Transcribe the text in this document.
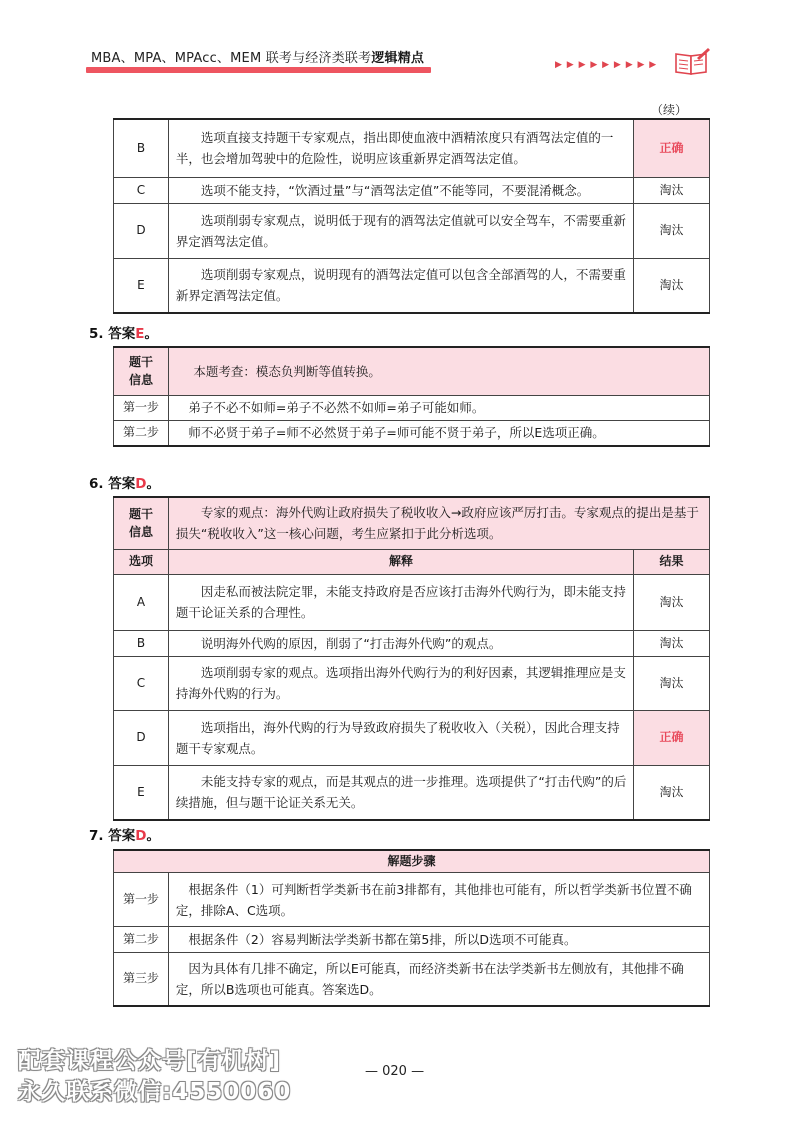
MBA、MPA、MPAcc、MEM 联考与经济类联考逻辑精点	▶ ▶ ▶ ▶ ▶ ▶ ▶ ▶ ▶
（续）
B	选项直接支持题干专家观点，指出即使血液中酒精浓度只有酒驾法定值的一半，也会增加驾驶中的危险性，说明应该重新界定酒驾法定值。	正确
C	选项不能支持，“饮酒过量”与“酒驾法定值”不能等同，不要混淆概念。	淘汰
D	选项削弱专家观点，说明低于现有的酒驾法定值就可以安全驾车，不需要重新界定酒驾法定值。	淘汰
E	选项削弱专家观点，说明现有的酒驾法定值可以包含全部酒驾的人，不需要重新界定酒驾法定值。	淘汰
5. 答案E。
题干
信息	本题考查：模态负判断等值转换。
第一步	弟子不必不如师=弟子不必然不如师=弟子可能如师。
第二步	师不必贤于弟子=师不必然贤于弟子=师可能不贤于弟子，所以E选项正确。
6. 答案D。
题干
信息	专家的观点：海外代购让政府损失了税收收入→政府应该严厉打击。专家观点的提出是基于损失“税收收入”这一核心问题，考生应紧扣于此分析选项。	
选项	解释	结果
A	因走私而被法院定罪，未能支持政府是否应该打击海外代购行为，即未能支持题干论证关系的合理性。	淘汰
B	说明海外代购的原因，削弱了“打击海外代购”的观点。	淘汰
C	选项削弱专家的观点。选项指出海外代购行为的利好因素，其逻辑推理应是支持海外代购的行为。	淘汰
D	选项指出，海外代购的行为导致政府损失了税收收入（关税），因此合理支持题干专家观点。	正确
E	未能支持专家的观点，而是其观点的进一步推理。选项提供了“打击代购”的后续措施，但与题干论证关系无关。	淘汰
7. 答案D。
解题步骤	
第一步	根据条件（1）可判断哲学类新书在前3排都有，其他排也可能有，所以哲学类新书位置不确定，排除A、C选项。
第二步	根据条件（2）容易判断法学类新书都在第5排，所以D选项不可能真。
第三步	因为具体有几排不确定，所以E可能真，而经济类新书在法学类新书左侧放有，其他排不确定，所以B选项也可能真。答案选D。
— 020 —
配套课程公众号[有机树]
永久联系微信:4550060
